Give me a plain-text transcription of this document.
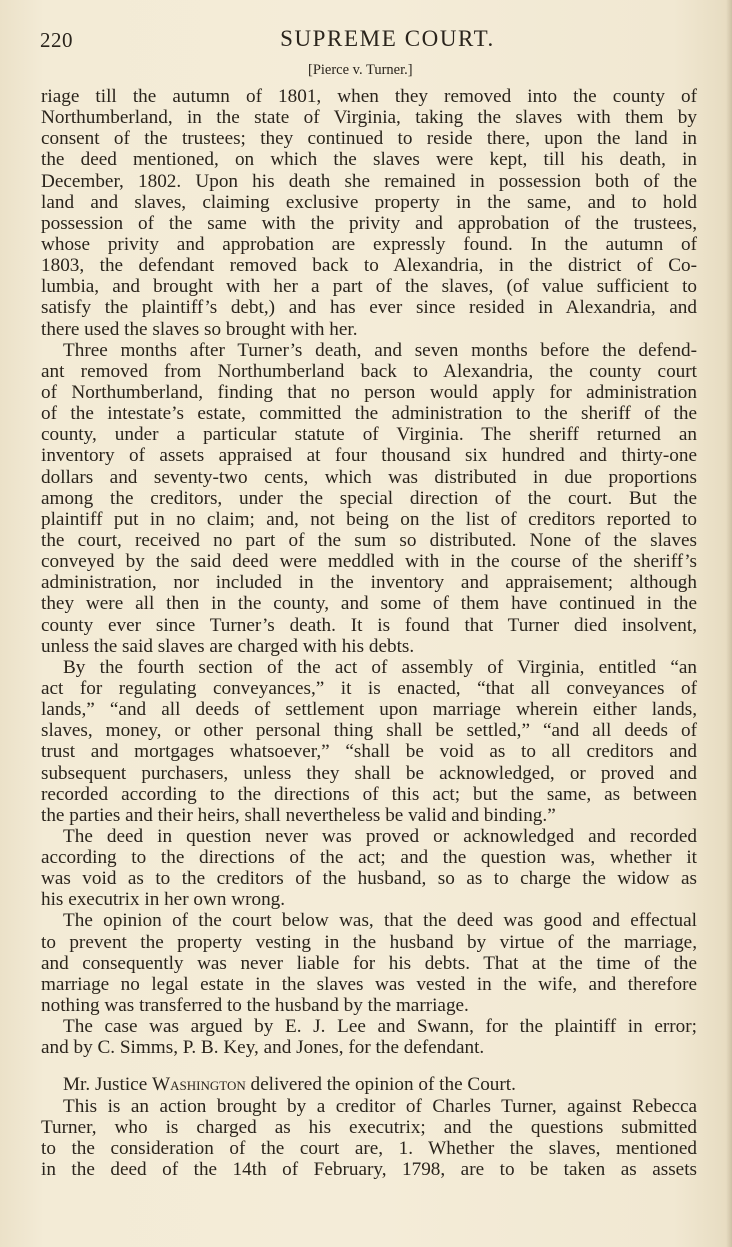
220	SUPREME COURT.
[Pierce v. Turner.]
riage till the autumn of 1801, when they removed into the county of
Northumberland, in the state of Virginia, taking the slaves with them by
consent of the trustees; they continued to reside there, upon the land in
the deed mentioned, on which the slaves were kept, till his death, in
December, 1802. Upon his death she remained in possession both of the
land and slaves, claiming exclusive property in the same, and to hold
possession of the same with the privity and approbation of the trustees,
whose privity and approbation are expressly found. In the autumn of
1803, the defendant removed back to Alexandria, in the district of Co-
lumbia, and brought with her a part of the slaves, (of value sufficient to
satisfy the plaintiff’s debt,) and has ever since resided in Alexandria, and
there used the slaves so brought with her.
Three months after Turner’s death, and seven months before the defend-
ant removed from Northumberland back to Alexandria, the county court
of Northumberland, finding that no person would apply for administration
of the intestate’s estate, committed the administration to the sheriff of the
county, under a particular statute of Virginia. The sheriff returned an
inventory of assets appraised at four thousand six hundred and thirty-one
dollars and seventy-two cents, which was distributed in due proportions
among the creditors, under the special direction of the court. But the
plaintiff put in no claim; and, not being on the list of creditors reported to
the court, received no part of the sum so distributed. None of the slaves
conveyed by the said deed were meddled with in the course of the sheriff’s
administration, nor included in the inventory and appraisement; although
they were all then in the county, and some of them have continued in the
county ever since Turner’s death. It is found that Turner died insolvent,
unless the said slaves are charged with his debts.
By the fourth section of the act of assembly of Virginia, entitled “an
act for regulating conveyances,” it is enacted, “that all conveyances of
lands,” “and all deeds of settlement upon marriage wherein either lands,
slaves, money, or other personal thing shall be settled,” “and all deeds of
trust and mortgages whatsoever,” “shall be void as to all creditors and
subsequent purchasers, unless they shall be acknowledged, or proved and
recorded according to the directions of this act; but the same, as between
the parties and their heirs, shall nevertheless be valid and binding.”
The deed in question never was proved or acknowledged and recorded
according to the directions of the act; and the question was, whether it
was void as to the creditors of the husband, so as to charge the widow as
his executrix in her own wrong.
The opinion of the court below was, that the deed was good and effectual
to prevent the property vesting in the husband by virtue of the marriage,
and consequently was never liable for his debts. That at the time of the
marriage no legal estate in the slaves was vested in the wife, and therefore
nothing was transferred to the husband by the marriage.
The case was argued by E. J. Lee and Swann, for the plaintiff in error;
and by C. Simms, P. B. Key, and Jones, for the defendant.
Mr. Justice Washington delivered the opinion of the Court.
This is an action brought by a creditor of Charles Turner, against Rebecca
Turner, who is charged as his executrix; and the questions submitted
to the consideration of the court are, 1. Whether the slaves, mentioned
in the deed of the 14th of February, 1798, are to be taken as assets
